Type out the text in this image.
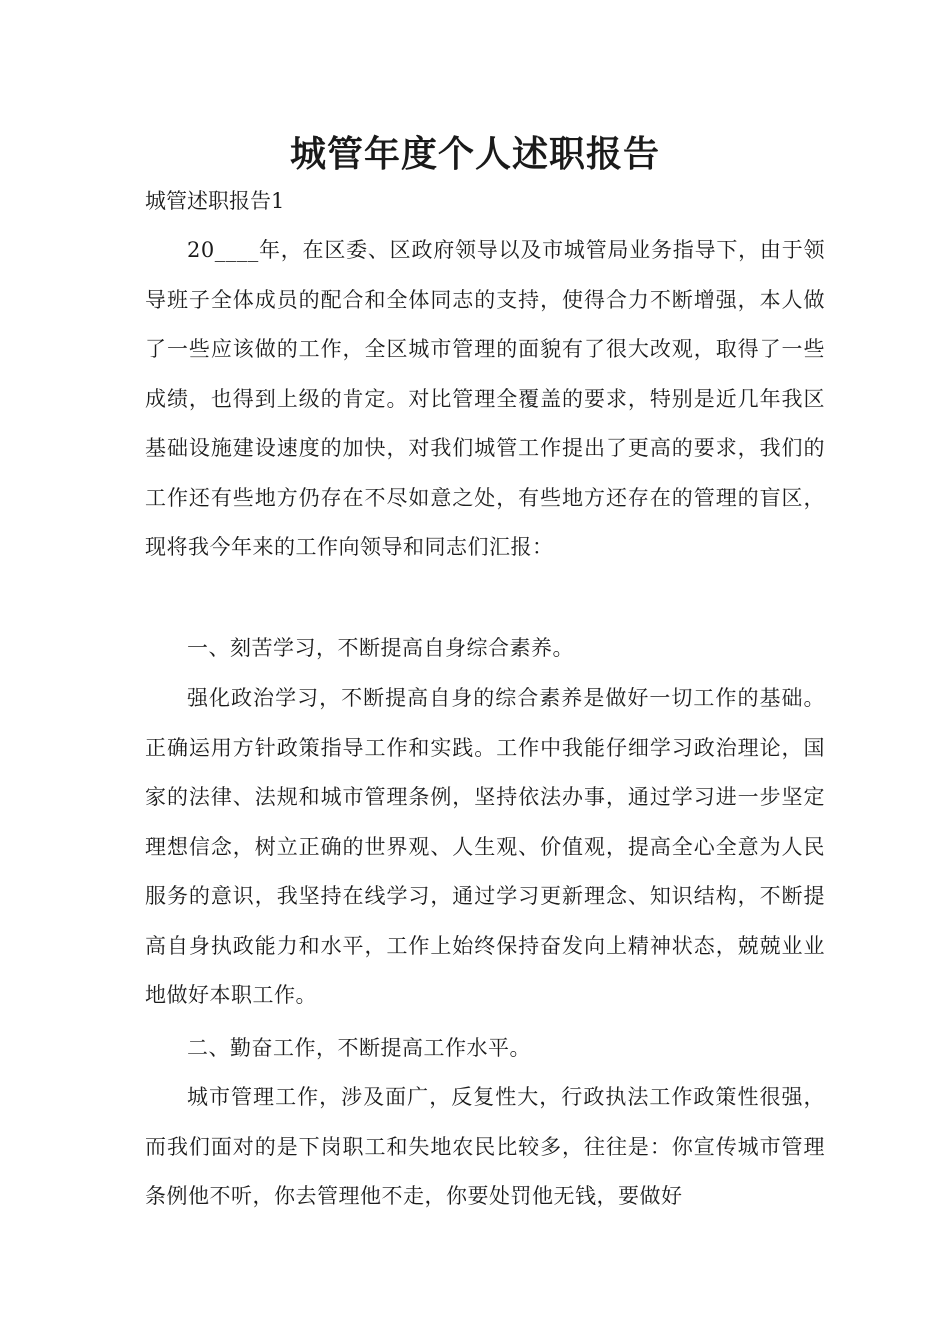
城管年度个人述职报告
城管述职报告1

20____年，在区委、区政府领导以及市城管局业务指导下，由于领导班子全体成员的配合和全体同志的支持，使得合力不断增强，本人做了一些应该做的工作，全区城市管理的面貌有了很大改观，取得了一些成绩，也得到上级的肯定。对比管理全覆盖的要求，特别是近几年我区基础设施建设速度的加快，对我们城管工作提出了更高的要求，我们的工作还有些地方仍存在不尽如意之处，有些地方还存在的管理的盲区，现将我今年来的工作向领导和同志们汇报：

一、刻苦学习，不断提高自身综合素养。

强化政治学习，不断提高自身的综合素养是做好一切工作的基础。正确运用方针政策指导工作和实践。工作中我能仔细学习政治理论，国家的法律、法规和城市管理条例，坚持依法办事，通过学习进一步坚定理想信念，树立正确的世界观、人生观、价值观，提高全心全意为人民服务的意识，我坚持在线学习，通过学习更新理念、知识结构，不断提高自身执政能力和水平，工作上始终保持奋发向上精神状态，兢兢业业地做好本职工作。

二、勤奋工作，不断提高工作水平。

城市管理工作，涉及面广，反复性大，行政执法工作政策性很强，而我们面对的是下岗职工和失地农民比较多，往往是：你宣传城市管理条例他不听，你去管理他不走，你要处罚他无钱，要做好
